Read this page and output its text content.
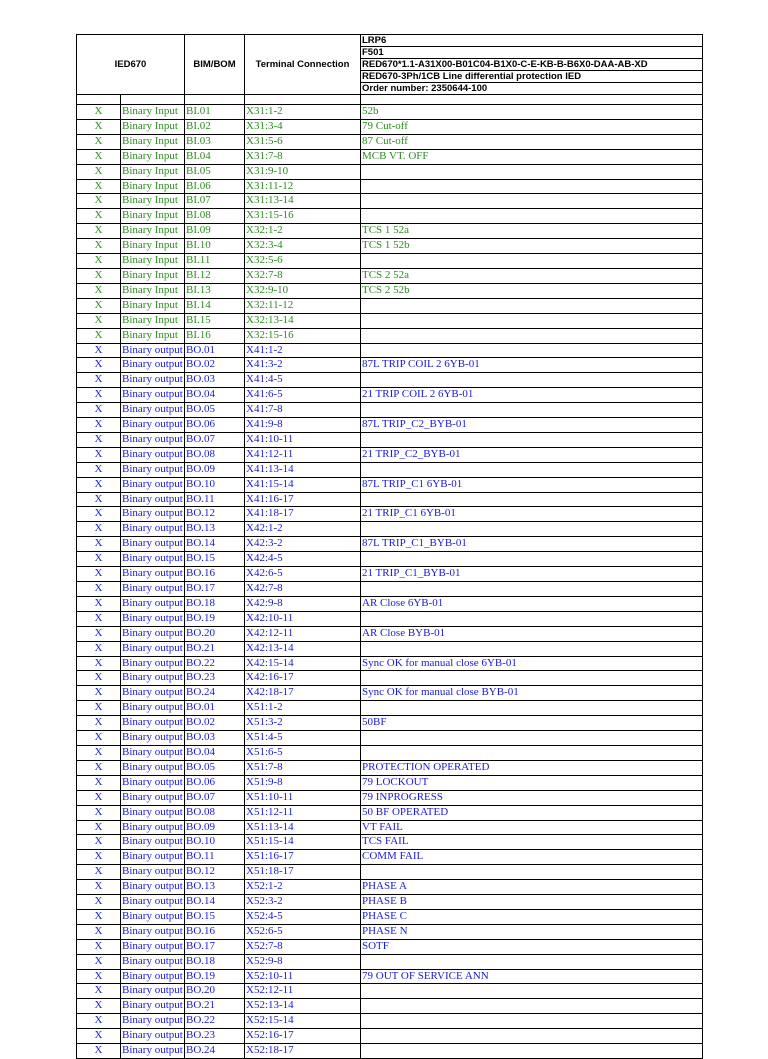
IED670		BIM/BOM	Terminal Connection	LRP6
				F501
				RED670*1.1-A31X00-B01C04-B1X0-C-E-KB-B-B6X0-DAA-AB-XD
				RED670-3Ph/1CB Line differential protection IED
				Order number: 2350644-100

X	Binary Input	BI.01	X31:1-2	52b
X	Binary Input	BI.02	X31:3-4	79 Cut-off
X	Binary Input	BI.03	X31:5-6	87 Cut-off
X	Binary Input	BI.04	X31:7-8	MCB VT. OFF
X	Binary Input	BI.05	X31:9-10	
X	Binary Input	BI.06	X31:11-12	
X	Binary Input	BI.07	X31:13-14	
X	Binary Input	BI.08	X31:15-16	
X	Binary Input	BI.09	X32:1-2	TCS 1 52a
X	Binary Input	BI.10	X32:3-4	TCS 1 52b
X	Binary Input	BI.11	X32:5-6	
X	Binary Input	BI.12	X32:7-8	TCS 2 52a
X	Binary Input	BI.13	X32:9-10	TCS 2 52b
X	Binary Input	BI.14	X32:11-12	
X	Binary Input	BI.15	X32:13-14	
X	Binary Input	BI.16	X32:15-16	
X	Binary output	BO.01	X41:1-2	
X	Binary output	BO.02	X41:3-2	87L TRIP COIL 2 6YB-01
X	Binary output	BO.03	X41:4-5	
X	Binary output	BO.04	X41:6-5	21 TRIP COIL 2 6YB-01
X	Binary output	BO.05	X41:7-8	
X	Binary output	BO.06	X41:9-8	87L TRIP_C2_BYB-01
X	Binary output	BO.07	X41:10-11	
X	Binary output	BO.08	X41:12-11	21 TRIP_C2_BYB-01
X	Binary output	BO.09	X41:13-14	
X	Binary output	BO.10	X41:15-14	87L TRIP_C1 6YB-01
X	Binary output	BO.11	X41:16-17	
X	Binary output	BO.12	X41:18-17	21 TRIP_C1 6YB-01
X	Binary output	BO.13	X42:1-2	
X	Binary output	BO.14	X42:3-2	87L TRIP_C1_BYB-01
X	Binary output	BO.15	X42:4-5	
X	Binary output	BO.16	X42:6-5	21 TRIP_C1_BYB-01
X	Binary output	BO.17	X42:7-8	
X	Binary output	BO.18	X42:9-8	AR Close 6YB-01
X	Binary output	BO.19	X42:10-11	
X	Binary output	BO.20	X42:12-11	AR Close BYB-01
X	Binary output	BO.21	X42:13-14	
X	Binary output	BO.22	X42:15-14	Sync OK for manual close 6YB-01
X	Binary output	BO.23	X42:16-17	
X	Binary output	BO.24	X42:18-17	Sync OK for manual close BYB-01
X	Binary output	BO.01	X51:1-2	
X	Binary output	BO.02	X51:3-2	50BF
X	Binary output	BO.03	X51:4-5	
X	Binary output	BO.04	X51:6-5	
X	Binary output	BO.05	X51:7-8	PROTECTION OPERATED
X	Binary output	BO.06	X51:9-8	79 LOCKOUT
X	Binary output	BO.07	X51:10-11	79 INPROGRESS
X	Binary output	BO.08	X51:12-11	50 BF OPERATED
X	Binary output	BO.09	X51:13-14	VT FAIL
X	Binary output	BO.10	X51:15-14	TCS FAIL
X	Binary output	BO.11	X51:16-17	COMM FAIL
X	Binary output	BO.12	X51:18-17	
X	Binary output	BO.13	X52:1-2	PHASE A
X	Binary output	BO.14	X52:3-2	PHASE B
X	Binary output	BO.15	X52:4-5	PHASE C
X	Binary output	BO.16	X52:6-5	PHASE N
X	Binary output	BO.17	X52:7-8	SOTF
X	Binary output	BO.18	X52:9-8	
X	Binary output	BO.19	X52:10-11	79 OUT OF SERVICE ANN
X	Binary output	BO.20	X52:12-11	
X	Binary output	BO.21	X52:13-14	
X	Binary output	BO.22	X52:15-14	
X	Binary output	BO.23	X52:16-17	
X	Binary output	BO.24	X52:18-17	
